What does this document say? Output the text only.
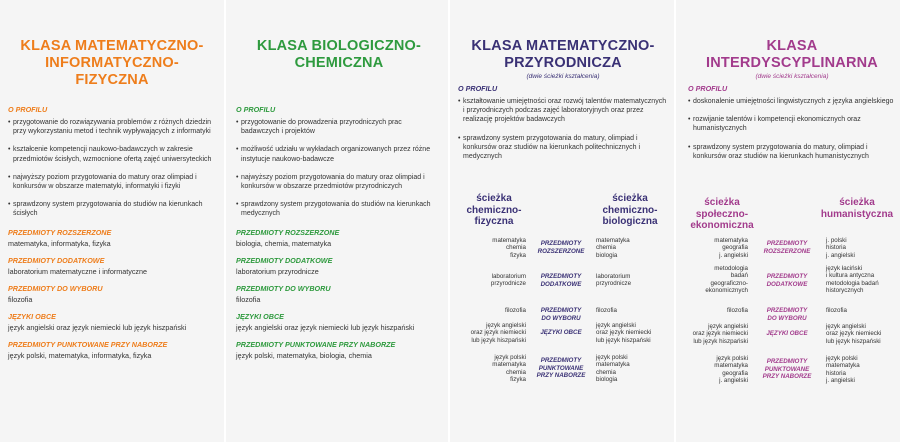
KLASA MATEMATYCZNO-
INFORMATYCZNO-
FIZYCZNA
O PROFILU
• przygotowanie do rozwiązywania problemów z różnych dziedzin przy wykorzystaniu metod i technik wypływających z informatyki
• kształcenie kompetencji naukowo-badawczych w zakresie przedmiotów ścisłych, wzmocnione ofertą zajęć uniwersyteckich
• najwyższy poziom przygotowania do matury oraz olimpiad i konkursów w obszarze matematyki, informatyki i fizyki
• sprawdzony system przygotowania do studiów na kierunkach ścisłych
PRZEDMIOTY ROZSZERZONE
matematyka, informatyka, fizyka
PRZEDMIOTY DODATKOWE
laboratorium matematyczne i informatyczne
PRZEDMIOTY DO WYBORU
filozofia
JĘZYKI OBCE
język angielski oraz język niemiecki lub język hiszpański
PRZEDMIOTY PUNKTOWANE PRZY NABORZE
język polski, matematyka, informatyka, fizyka
KLASA BIOLOGICZNO-
CHEMICZNA
O PROFILU
• przygotowanie do prowadzenia przyrodniczych prac badawczych i projektów
• możliwość udziału w wykładach organizowanych przez różne instytucje naukowo-badawcze
• najwyższy poziom przygotowania do matury oraz olimpiad i konkursów w obszarze przedmiotów przyrodniczych
• sprawdzony system przygotowania do studiów na kierunkach medycznych
PRZEDMIOTY ROZSZERZONE
biologia, chemia, matematyka
PRZEDMIOTY DODATKOWE
laboratorium przyrodnicze
PRZEDMIOTY DO WYBORU
filozofia
JĘZYKI OBCE
język angielski oraz język niemiecki lub język hiszpański
PRZEDMIOTY PUNKTOWANE PRZY NABORZE
język polski, matematyka, biologia, chemia
KLASA MATEMATYCZNO-
PRZYRODNICZA
(dwie ścieżki kształcenia)
O PROFILU
• kształtowanie umiejętności oraz rozwój talentów matematycznych i przyrodniczych podczas zajęć laboratoryjnych oraz przez realizację projektów badawczych
• sprawdzony system przygotowania do matury, olimpiad i konkursów oraz studiów na kierunkach politechnicznych i medycznych
ścieżka
chemiczno-
fizyczna
ścieżka
chemiczno-
biologiczna
matematyka
chemia
fizyka
PRZEDMIOTY
ROZSZERZONE
matematyka
chemia
biologia
laboratorium
przyrodnicze
PRZEDMIOTY
DODATKOWE
laboratorium
przyrodnicze
filozofia	PRZEDMIOTY
DO WYBORU
filozofia
język angielski
oraz język niemiecki
lub język hiszpański
JĘZYKI OBCE
język angielski
oraz język niemiecki
lub język hiszpański
język polski
matematyka
chemia
fizyka
PRZEDMIOTY
PUNKTOWANE
PRZY NABORZE
język polski
matematyka
chemia
biologia
KLASA
INTERDYSCYPLINARNA
(dwie ścieżki kształcenia)
O PROFILU
• doskonalenie umiejętności lingwistycznych z języka angielskiego
• rozwijanie talentów i kompetencji ekonomicznych oraz humanistycznych
• sprawdzony system przygotowania do matury, olimpiad i konkursów oraz studiów na kierunkach humanistycznych
ścieżka
społeczno-
ekonomiczna
ścieżka
humanistyczna
matematyka
geografia
j. angielski
PRZEDMIOTY
ROZSZERZONE
j. polski
historia
j. angielski
metodologia
badań
geograficzno-
ekonomicznych
PRZEDMIOTY
DODATKOWE
język łaciński
i kultura antyczna
metodologia badań
historycznych
filozofia	PRZEDMIOTY
DO WYBORU
filozofia
język angielski
oraz język niemiecki
lub język hiszpański
JĘZYKI OBCE
język angielski
oraz język niemiecki
lub język hiszpański
język polski
matematyka
geografia
j. angielski
PRZEDMIOTY
PUNKTOWANE
PRZY NABORZE
język polski
matematyka
historia
j. angielski
